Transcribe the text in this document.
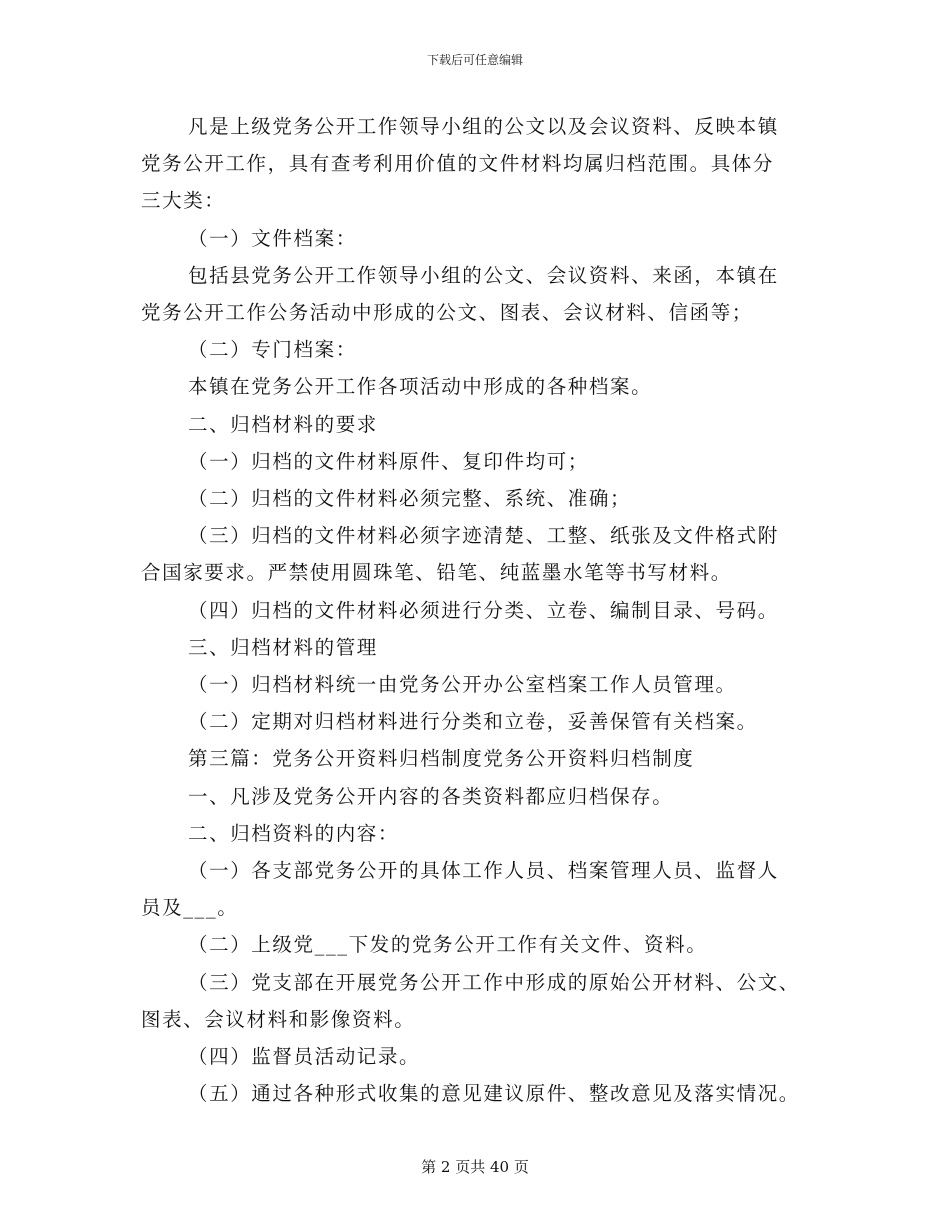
下载后可任意编辑

凡是上级党务公开工作领导小组的公文以及会议资料、反映本镇

党务公开工作，具有查考利用价值的文件材料均属归档范围。具体分

三大类：

（一）文件档案：

包括县党务公开工作领导小组的公文、会议资料、来函，本镇在

党务公开工作公务活动中形成的公文、图表、会议材料、信函等；

（二）专门档案：

本镇在党务公开工作各项活动中形成的各种档案。

二、归档材料的要求

（一）归档的文件材料原件、复印件均可；

（二）归档的文件材料必须完整、系统、准确；

（三）归档的文件材料必须字迹清楚、工整、纸张及文件格式附

合国家要求。严禁使用圆珠笔、铅笔、纯蓝墨水笔等书写材料。

（四）归档的文件材料必须进行分类、立卷、编制目录、号码。

三、归档材料的管理

（一）归档材料统一由党务公开办公室档案工作人员管理。

（二）定期对归档材料进行分类和立卷，妥善保管有关档案。

第三篇：党务公开资料归档制度党务公开资料归档制度

一、凡涉及党务公开内容的各类资料都应归档保存。

二、归档资料的内容：

（一）各支部党务公开的具体工作人员、档案管理人员、监督人

员及___。

（二）上级党___下发的党务公开工作有关文件、资料。

（三）党支部在开展党务公开工作中形成的原始公开材料、公文、

图表、会议材料和影像资料。

（四）监督员活动记录。

（五）通过各种形式收集的意见建议原件、整改意见及落实情况。

第 2 页共 40 页
